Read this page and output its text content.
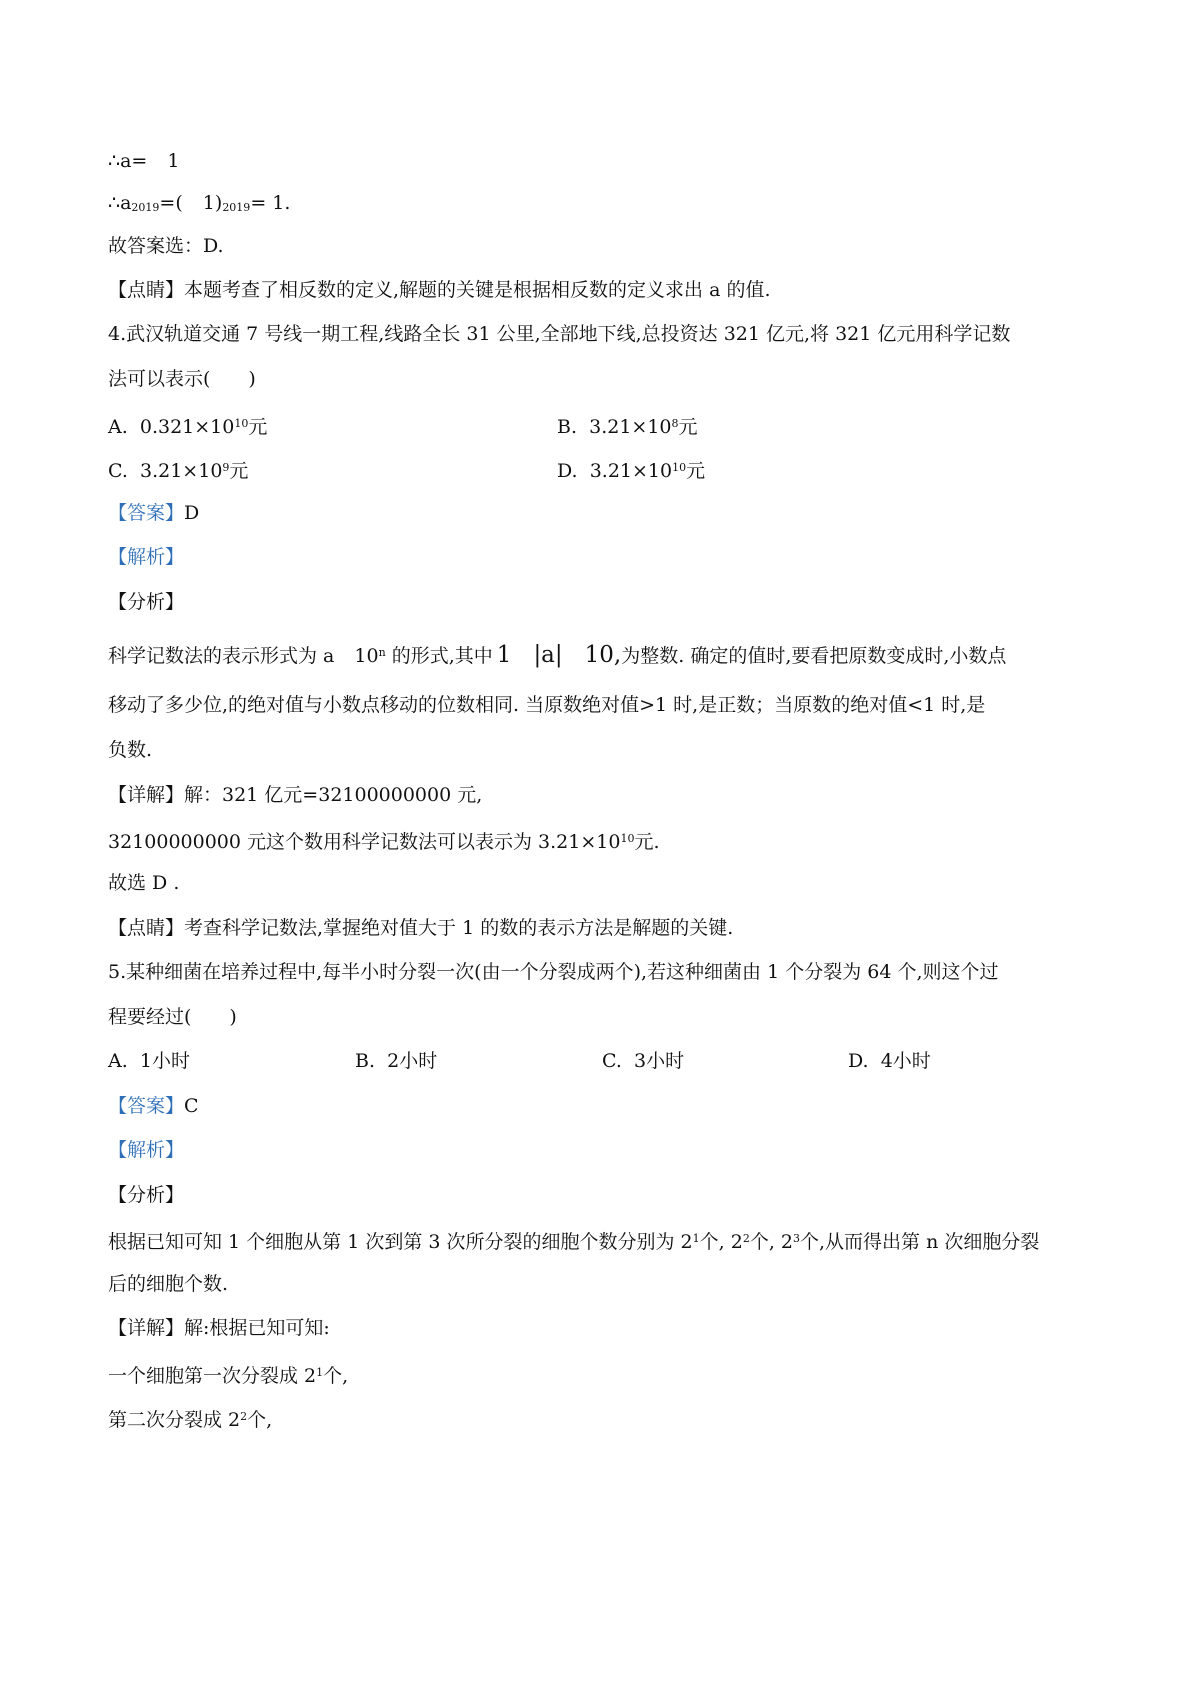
∴a= 1
$\therefore a_{2019}=$( $1)_{2019}= 1$.
故答案选：D.
【点睛】本题考查了相反数的定义,解题的关键是根据相反数的定义求出 a 的值.
4.武汉轨道交通 7 号线一期工程,线路全长 31 公里,全部地下线,总投资达 321 亿元,将 321 亿元用科学记数
法可以表示(　　)
A. $0.321\times 10^{10}$元	B. $3.21\times 10^8$元
C. $3.21\times 10^9$元	D. $3.21\times 10^{10}$元
【答案】D
【解析】
【分析】
科学记数法的表示形式为 a 10$^n$ 的形式,其中 1 |a| 10,为整数. 确定的值时,要看把原数变成时,小数点
移动了多少位,的绝对值与小数点移动的位数相同. 当原数绝对值>1 时,是正数；当原数的绝对值<1 时,是
负数.
【详解】解：321 亿元=32100000000 元,
32100000000 元这个数用科学记数法可以表示为 $3.21\times 10^{10}$元.
故选 D .
【点睛】考查科学记数法,掌握绝对值大于 1 的数的表示方法是解题的关键.
5.某种细菌在培养过程中,每半小时分裂一次(由一个分裂成两个),若这种细菌由 1 个分裂为 64 个,则这个过
程要经过(　　)
A. 1小时	B. 2小时	C. 3小时	D. 4小时
【答案】C
【解析】
【分析】
根据已知可知 1 个细胞从第 1 次到第 3 次所分裂的细胞个数分别为 $2^1$个, $2^2$个, $2^3$个,从而得出第 n 次细胞分裂
后的细胞个数.
【详解】解:根据已知可知:
一个细胞第一次分裂成 $2^1$个,
第二次分裂成 $2^2$个,
